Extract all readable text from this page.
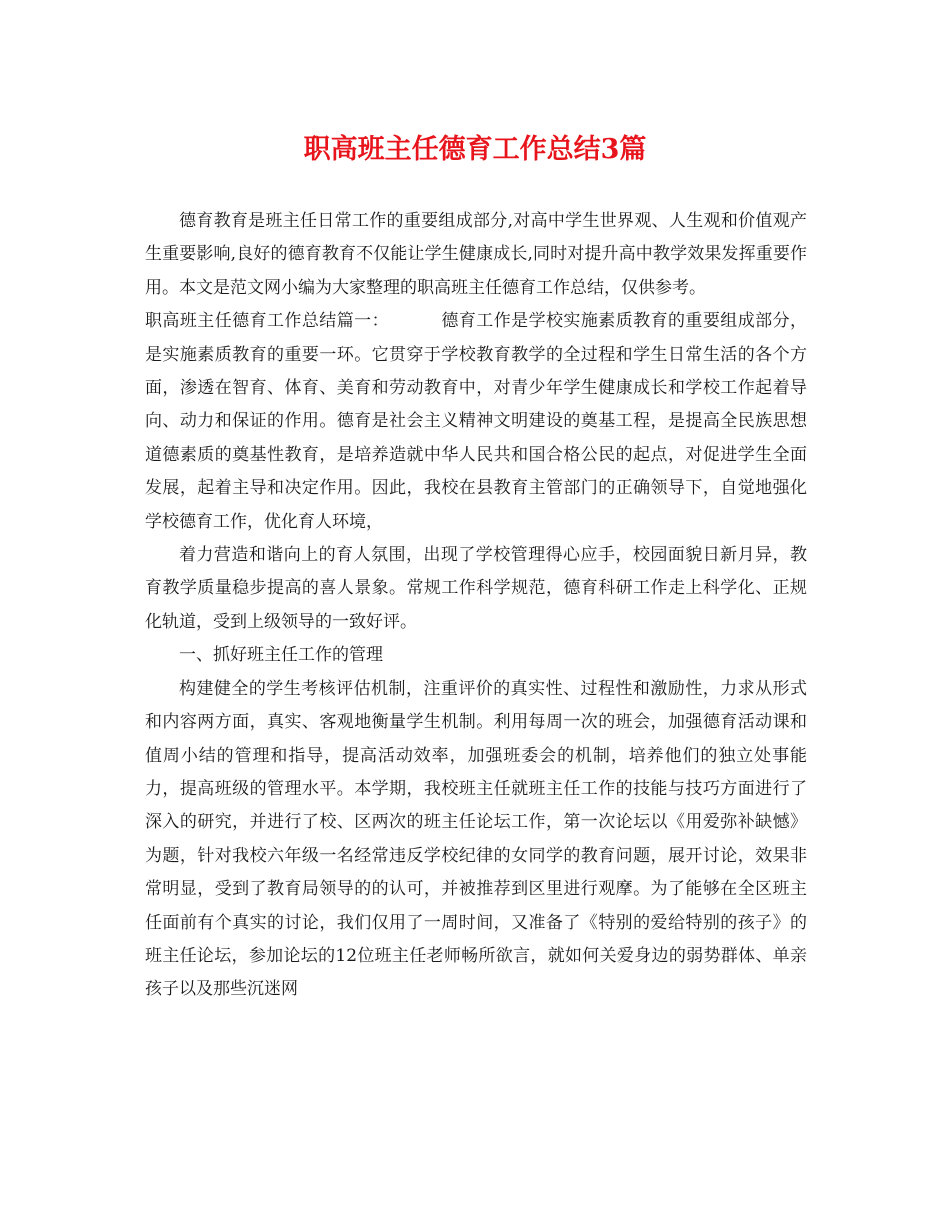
职高班主任德育工作总结3篇

德育教育是班主任日常工作的重要组成部分,对高中学生世界观、人生观和价值观产生重要影响,良好的德育教育不仅能让学生健康成长,同时对提升高中教学效果发挥重要作用。本文是范文网小编为大家整理的职高班主任德育工作总结，仅供参考。

职高班主任德育工作总结篇一：	德育工作是学校实施素质教育的重要组成部分，是实施素质教育的重要一环。它贯穿于学校教育教学的全过程和学生日常生活的各个方面，渗透在智育、体育、美育和劳动教育中，对青少年学生健康成长和学校工作起着导向、动力和保证的作用。德育是社会主义精神文明建设的奠基工程，是提高全民族思想道德素质的奠基性教育，是培养造就中华人民共和国合格公民的起点，对促进学生全面发展，起着主导和决定作用。因此，我校在县教育主管部门的正确领导下，自觉地强化学校德育工作，优化育人环境，

着力营造和谐向上的育人氛围，出现了学校管理得心应手，校园面貌日新月异，教育教学质量稳步提高的喜人景象。常规工作科学规范，德育科研工作走上科学化、正规化轨道，受到上级领导的一致好评。

一、抓好班主任工作的管理

构建健全的学生考核评估机制，注重评价的真实性、过程性和激励性，力求从形式和内容两方面，真实、客观地衡量学生机制。利用每周一次的班会，加强德育活动课和值周小结的管理和指导，提高活动效率，加强班委会的机制，培养他们的独立处事能力，提高班级的管理水平。本学期，我校班主任就班主任工作的技能与技巧方面进行了深入的研究，并进行了校、区两次的班主任论坛工作，第一次论坛以《用爱弥补缺憾》为题，针对我校六年级一名经常违反学校纪律的女同学的教育问题，展开讨论，效果非常明显，受到了教育局领导的的认可，并被推荐到区里进行观摩。为了能够在全区班主任面前有个真实的讨论，我们仅用了一周时间，又准备了《特别的爱给特别的孩子》的班主任论坛，参加论坛的12位班主任老师畅所欲言，就如何关爱身边的弱势群体、单亲孩子以及那些沉迷网
